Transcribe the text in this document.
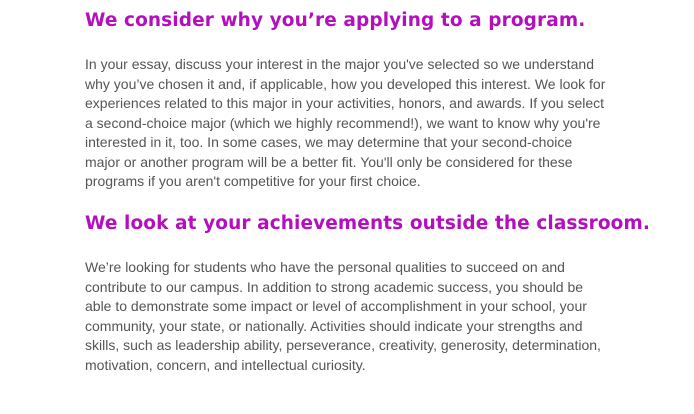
We consider why you’re applying to a program.

In your essay, discuss your interest in the major you've selected so we understand
why you’ve chosen it and, if applicable, how you developed this interest. We look for
experiences related to this major in your activities, honors, and awards. If you select
a second-choice major (which we highly recommend!), we want to know why you're
interested in it, too. In some cases, we may determine that your second-choice
major or another program will be a better fit. You'll only be considered for these
programs if you aren't competitive for your first choice.

We look at your achievements outside the classroom.

We’re looking for students who have the personal qualities to succeed on and
contribute to our campus. In addition to strong academic success, you should be
able to demonstrate some impact or level of accomplishment in your school, your
community, your state, or nationally. Activities should indicate your strengths and
skills, such as leadership ability, perseverance, creativity, generosity, determination,
motivation, concern, and intellectual curiosity.
